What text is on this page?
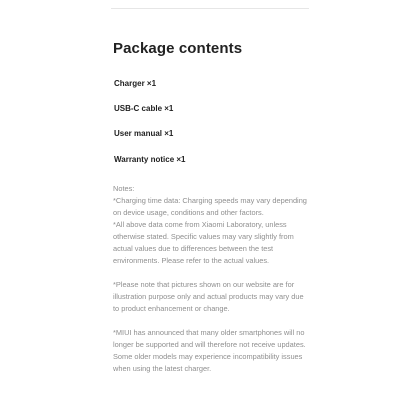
Package contents
Charger ×1
USB-C cable ×1
User manual ×1
Warranty notice ×1

Notes:

*Charging time data: Charging speeds may vary depending on device usage, conditions and other factors.

*All above data come from Xiaomi Laboratory, unless otherwise stated. Specific values may vary slightly from actual values due to differences between the test environments. Please refer to the actual values.

*Please note that pictures shown on our website are for illustration purpose only and actual products may vary due to product enhancement or change.

*MIUI has announced that many older smartphones will no longer be supported and will therefore not receive updates. Some older models may experience incompatibility issues when using the latest charger.
